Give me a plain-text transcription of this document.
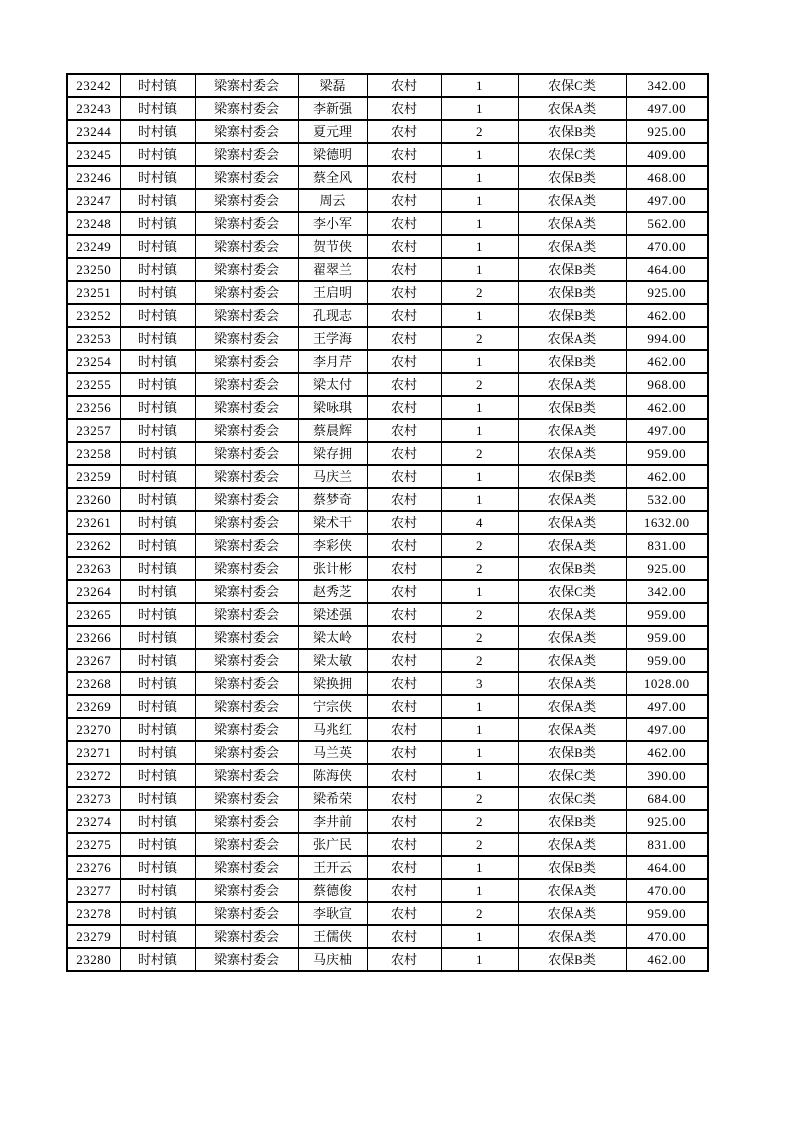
23242	时村镇	梁寨村委会	梁磊	农村	1	农保C类	342.00
23243	时村镇	梁寨村委会	李新强	农村	1	农保A类	497.00
23244	时村镇	梁寨村委会	夏元理	农村	2	农保B类	925.00
23245	时村镇	梁寨村委会	梁德明	农村	1	农保C类	409.00
23246	时村镇	梁寨村委会	蔡全风	农村	1	农保B类	468.00
23247	时村镇	梁寨村委会	周云	农村	1	农保A类	497.00
23248	时村镇	梁寨村委会	李小军	农村	1	农保A类	562.00
23249	时村镇	梁寨村委会	贺节侠	农村	1	农保A类	470.00
23250	时村镇	梁寨村委会	翟翠兰	农村	1	农保B类	464.00
23251	时村镇	梁寨村委会	王启明	农村	2	农保B类	925.00
23252	时村镇	梁寨村委会	孔现志	农村	1	农保B类	462.00
23253	时村镇	梁寨村委会	王学海	农村	2	农保A类	994.00
23254	时村镇	梁寨村委会	李月芹	农村	1	农保B类	462.00
23255	时村镇	梁寨村委会	梁太付	农村	2	农保A类	968.00
23256	时村镇	梁寨村委会	梁咏琪	农村	1	农保B类	462.00
23257	时村镇	梁寨村委会	蔡晨辉	农村	1	农保A类	497.00
23258	时村镇	梁寨村委会	梁存拥	农村	2	农保A类	959.00
23259	时村镇	梁寨村委会	马庆兰	农村	1	农保B类	462.00
23260	时村镇	梁寨村委会	蔡梦奇	农村	1	农保A类	532.00
23261	时村镇	梁寨村委会	梁术干	农村	4	农保A类	1632.00
23262	时村镇	梁寨村委会	李彩侠	农村	2	农保A类	831.00
23263	时村镇	梁寨村委会	张计彬	农村	2	农保B类	925.00
23264	时村镇	梁寨村委会	赵秀芝	农村	1	农保C类	342.00
23265	时村镇	梁寨村委会	梁述强	农村	2	农保A类	959.00
23266	时村镇	梁寨村委会	梁太岭	农村	2	农保A类	959.00
23267	时村镇	梁寨村委会	梁太敏	农村	2	农保A类	959.00
23268	时村镇	梁寨村委会	梁换拥	农村	3	农保A类	1028.00
23269	时村镇	梁寨村委会	宁宗侠	农村	1	农保A类	497.00
23270	时村镇	梁寨村委会	马兆红	农村	1	农保A类	497.00
23271	时村镇	梁寨村委会	马兰英	农村	1	农保B类	462.00
23272	时村镇	梁寨村委会	陈海侠	农村	1	农保C类	390.00
23273	时村镇	梁寨村委会	梁希荣	农村	2	农保C类	684.00
23274	时村镇	梁寨村委会	李井前	农村	2	农保B类	925.00
23275	时村镇	梁寨村委会	张广民	农村	2	农保A类	831.00
23276	时村镇	梁寨村委会	王开云	农村	1	农保B类	464.00
23277	时村镇	梁寨村委会	蔡德俊	农村	1	农保A类	470.00
23278	时村镇	梁寨村委会	李耿宣	农村	2	农保A类	959.00
23279	时村镇	梁寨村委会	王儒侠	农村	1	农保A类	470.00
23280	时村镇	梁寨村委会	马庆柚	农村	1	农保B类	462.00
